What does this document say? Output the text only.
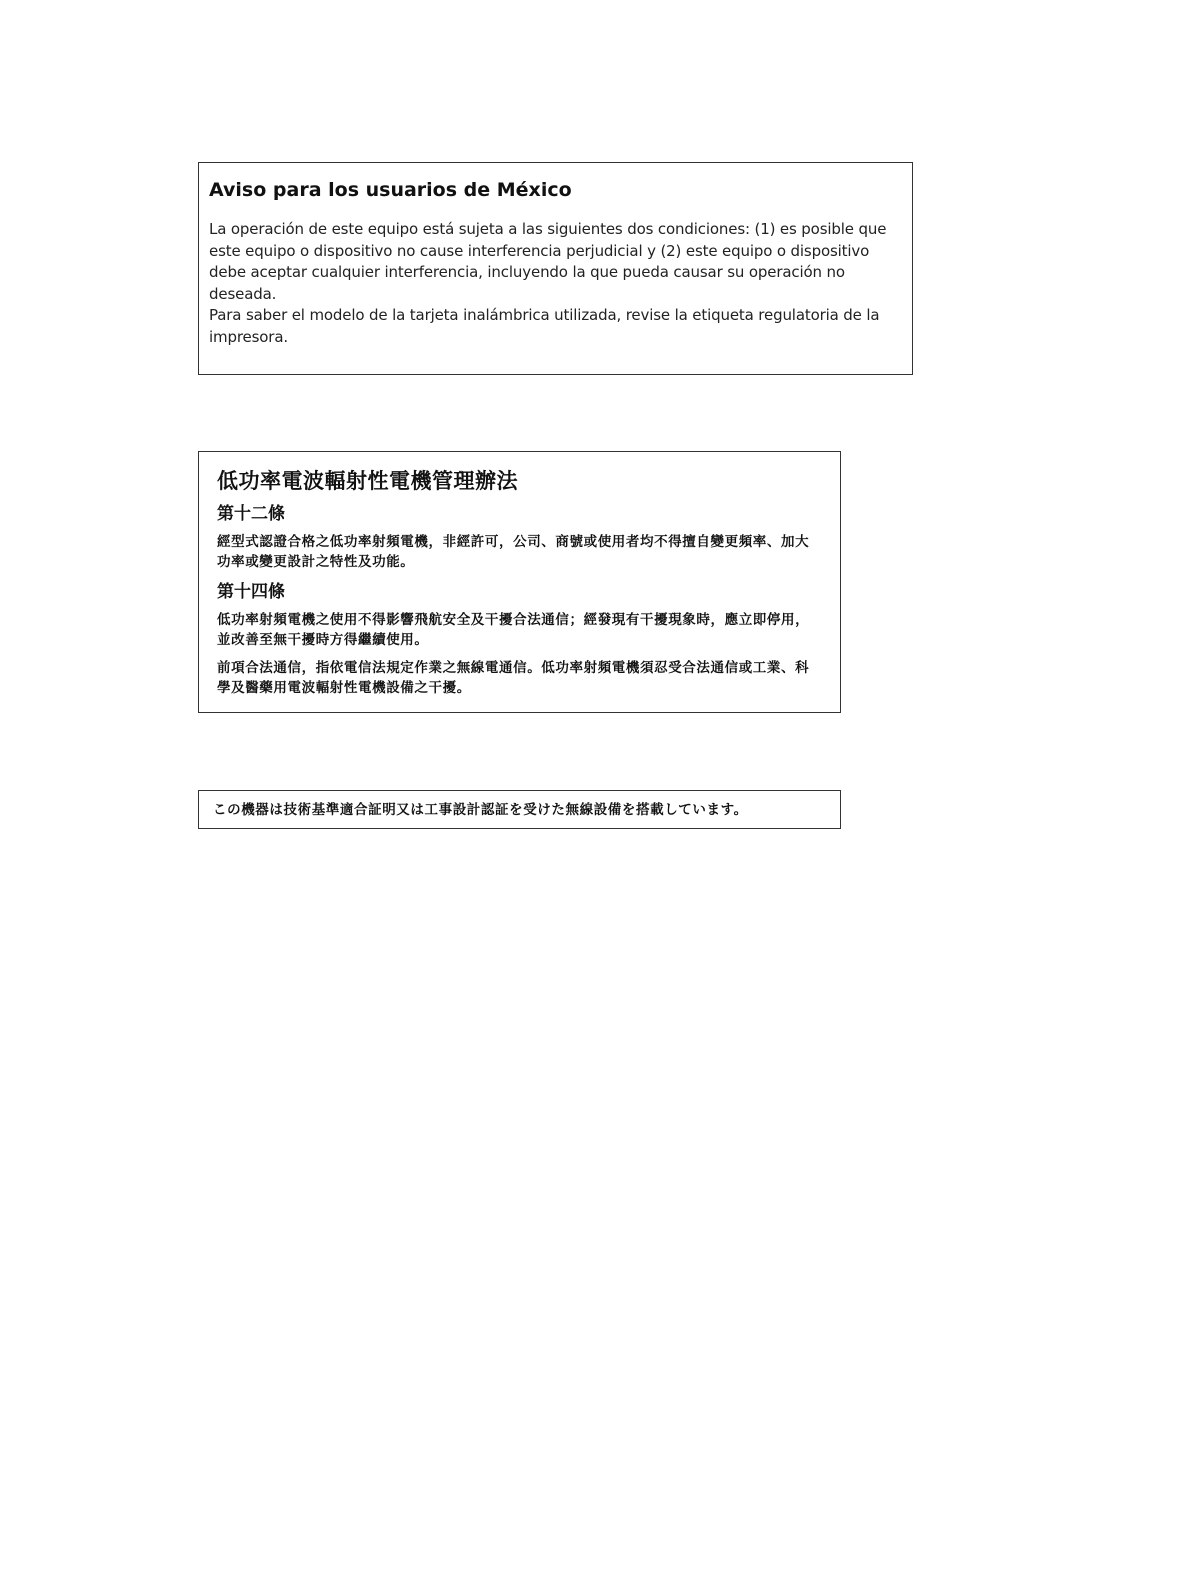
Aviso para los usuarios de México

La operación de este equipo está sujeta a las siguientes dos condiciones: (1) es posible que este equipo o dispositivo no cause interferencia perjudicial y (2) este equipo o dispositivo debe aceptar cualquier interferencia, incluyendo la que pueda causar su operación no deseada.

Para saber el modelo de la tarjeta inalámbrica utilizada, revise la etiqueta regulatoria de la impresora.

低功率電波輻射性電機管理辦法
第十二條

經型式認證合格之低功率射頻電機，非經許可，公司、商號或使用者均不得擅自變更頻率、加大功率或變更設計之特性及功能。

第十四條

低功率射頻電機之使用不得影響飛航安全及干擾合法通信；經發現有干擾現象時，應立即停用，並改善至無干擾時方得繼續使用。

前項合法通信，指依電信法規定作業之無線電通信。低功率射頻電機須忍受合法通信或工業、科學及醫藥用電波輻射性電機設備之干擾。

この機器は技術基準適合証明又は工事設計認証を受けた無線設備を搭載しています。
